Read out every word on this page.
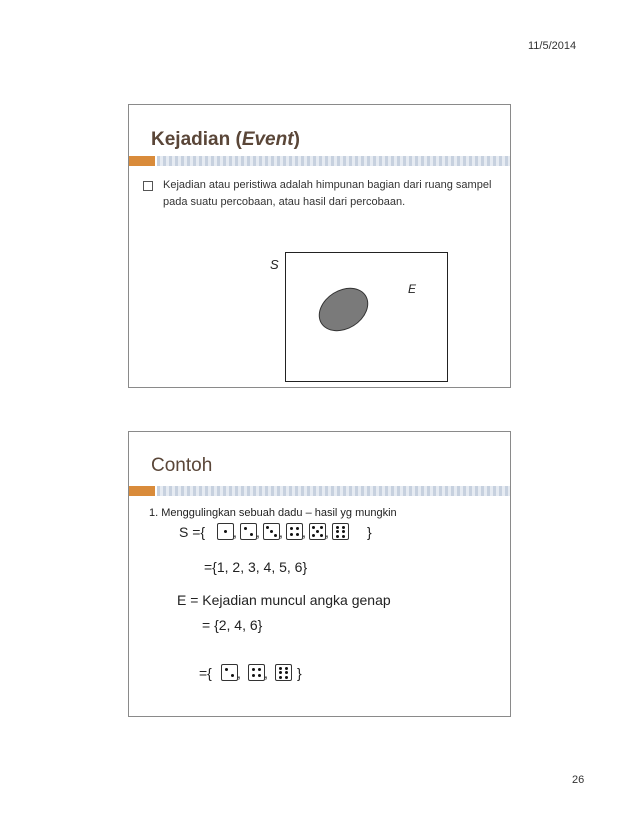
11/5/2014
Kejadian (Event)
Kejadian atau peristiwa adalah himpunan bagian dari ruang sampel pada suatu percobaan, atau hasil dari percobaan.
S
E
Contoh
1. Menggulingkan sebuah dadu – hasil yg mungkin
S ={ , , , , ,	}
={1, 2, 3, 4, 5, 6}
E = Kejadian muncul angka genap
= {2, 4, 6}
={ , , }
26
